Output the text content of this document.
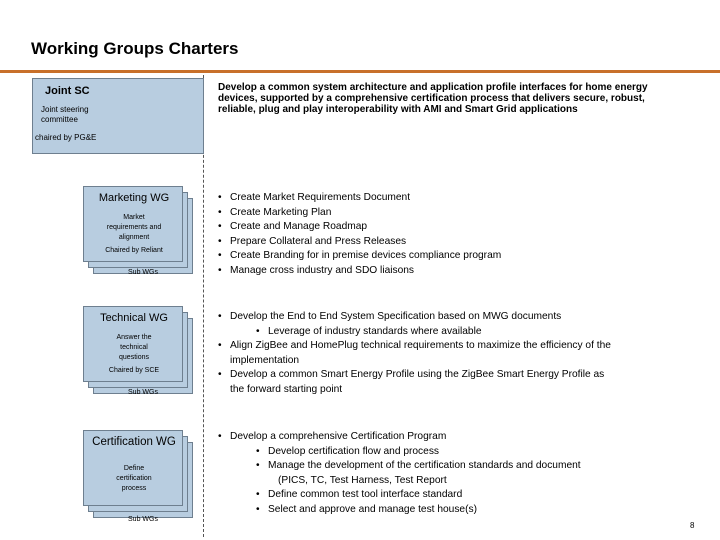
Working Groups Charters
Joint SC
Joint steering
committee
chaired by PG&E
Develop a common system architecture and application profile interfaces for home energy devices, supported by a comprehensive certification process that delivers secure, robust, reliable, plug and play interoperability with AMI and Smart Grid applications
Marketing WG
Market
requirements and
alignment
Chaired by Reliant
Sub WGs
• Create Market Requirements Document
• Create Marketing Plan
• Create and Manage Roadmap
• Prepare Collateral and Press Releases
• Create Branding for in premise devices compliance program
• Manage cross industry and SDO liaisons
Technical WG
Answer the
technical
questions
Chaired by SCE
Sub WGs
• Develop the End to End System Specification based on MWG documents
• Leverage of industry standards where available
• Align ZigBee and HomePlug technical requirements to maximize the efficiency of the
implementation
• Develop a common Smart Energy Profile using the ZigBee Smart Energy Profile as
the forward starting point
Certification WG
Define
certification
process
Sub WGs
• Develop a comprehensive Certification Program
• Develop certification flow and process
• Manage the development of the certification standards and document
(PICS, TC, Test Harness, Test Report
• Define common test tool interface standard
• Select and approve and manage test house(s)
8
